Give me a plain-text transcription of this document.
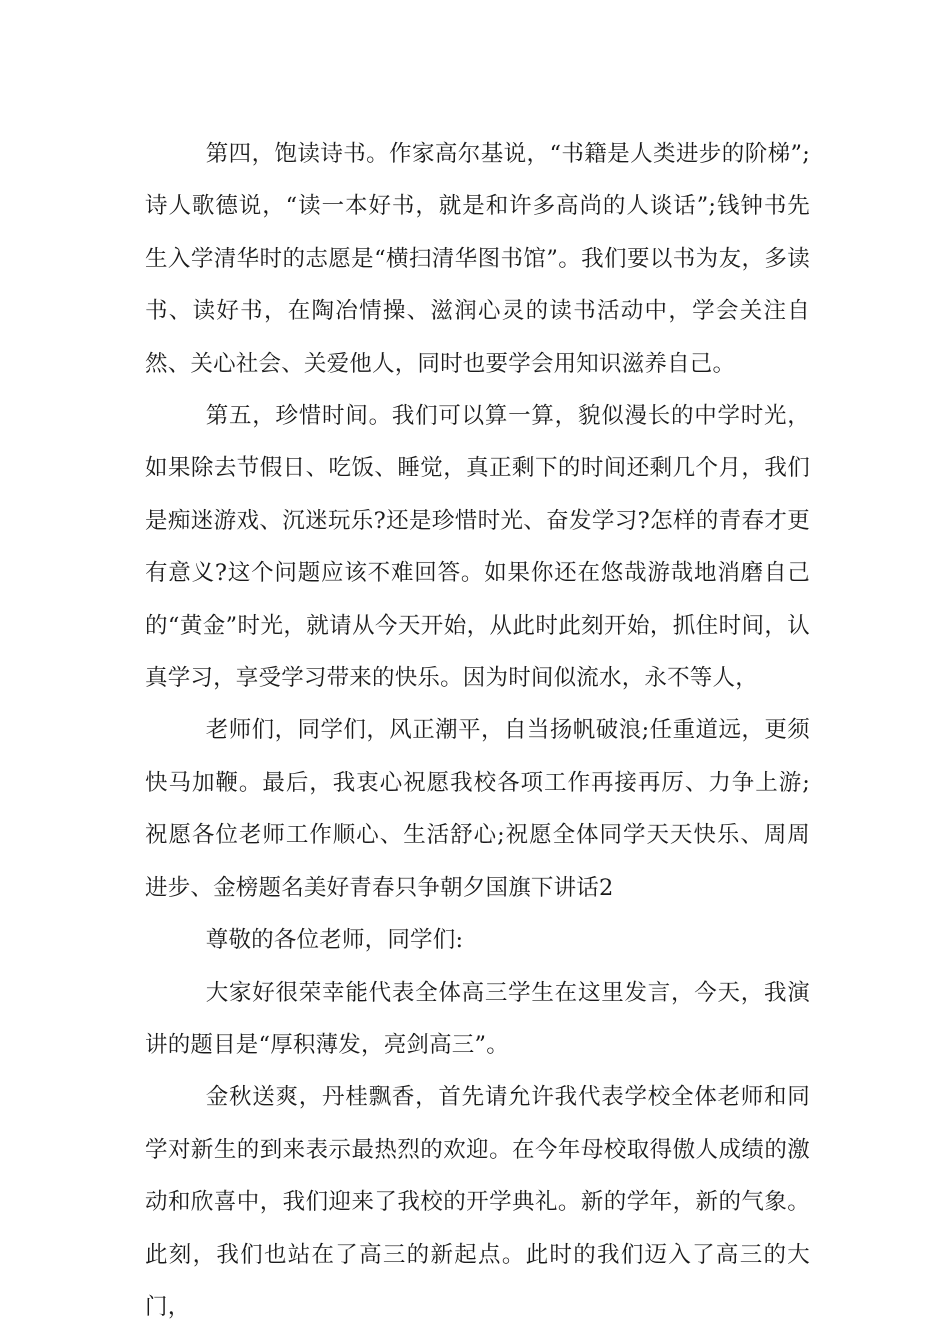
第四，饱读诗书。作家高尔基说，“书籍是人类进步的阶梯”;诗人歌德说，“读一本好书，就是和许多高尚的人谈话”;钱钟书先生入学清华时的志愿是“横扫清华图书馆”。我们要以书为友，多读书、读好书，在陶冶情操、滋润心灵的读书活动中，学会关注自然、关心社会、关爱他人，同时也要学会用知识滋养自己。

第五，珍惜时间。我们可以算一算，貌似漫长的中学时光，如果除去节假日、吃饭、睡觉，真正剩下的时间还剩几个月，我们是痴迷游戏、沉迷玩乐?还是珍惜时光、奋发学习?怎样的青春才更有意义?这个问题应该不难回答。如果你还在悠哉游哉地消磨自己的“黄金”时光，就请从今天开始，从此时此刻开始，抓住时间，认真学习，享受学习带来的快乐。因为时间似流水，永不等人，

老师们，同学们，风正潮平，自当扬帆破浪;任重道远，更须快马加鞭。最后，我衷心祝愿我校各项工作再接再厉、力争上游;祝愿各位老师工作顺心、生活舒心;祝愿全体同学天天快乐、周周进步、金榜题名美好青春只争朝夕国旗下讲话2

尊敬的各位老师，同学们:

大家好很荣幸能代表全体高三学生在这里发言，今天，我演讲的题目是“厚积薄发，亮剑高三”。

金秋送爽，丹桂飘香，首先请允许我代表学校全体老师和同学对新生的到来表示最热烈的欢迎。在今年母校取得傲人成绩的激动和欣喜中，我们迎来了我校的开学典礼。新的学年，新的气象。此刻，我们也站在了高三的新起点。此时的我们迈入了高三的大门，
